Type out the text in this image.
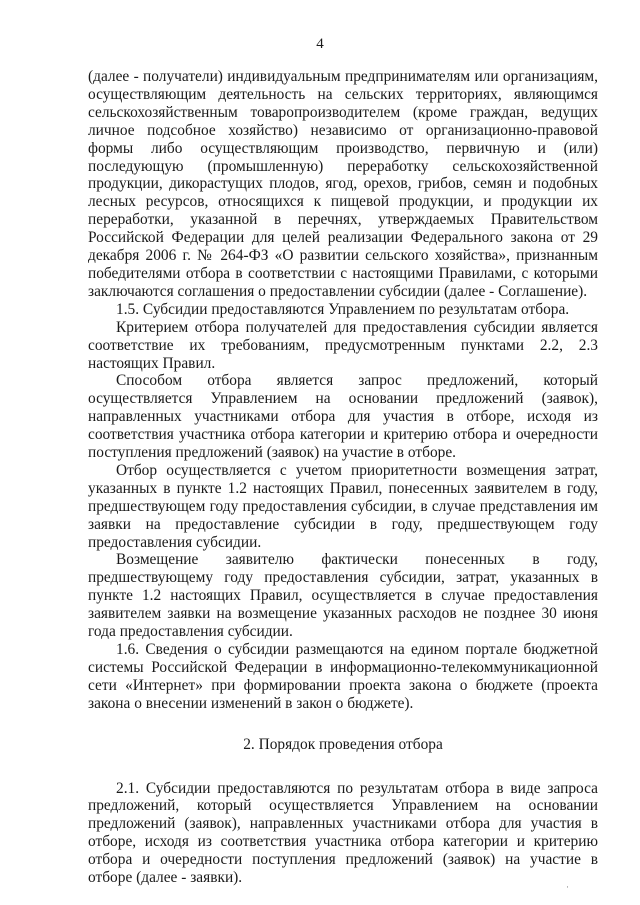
4

(далее - получатели) индивидуальным предпринимателям или организациям, осуществляющим деятельность на сельских территориях, являющимся сельскохозяйственным товаропроизводителем (кроме граждан, ведущих личное подсобное хозяйство) независимо от организационно-правовой формы либо осуществляющим производство, первичную и (или) последующую (промышленную) переработку сельскохозяйственной продукции, дикорастущих плодов, ягод, орехов, грибов, семян и подобных лесных ресурсов, относящихся к пищевой продукции, и продукции их переработки, указанной в перечнях, утверждаемых Правительством Российской Федерации для целей реализации Федерального закона от 29 декабря 2006 г. № 264-ФЗ «О развитии сельского хозяйства», признанным победителями отбора в соответствии с настоящими Правилами, с которыми заключаются соглашения о предоставлении субсидии (далее - Соглашение).

1.5. Субсидии предоставляются Управлением по результатам отбора.

Критерием отбора получателей для предоставления субсидии является соответствие их требованиям, предусмотренным пунктами 2.2, 2.3 настоящих Правил.

Способом отбора является запрос предложений, который осуществляется Управлением на основании предложений (заявок), направленных участниками отбора для участия в отборе, исходя из соответствия участника отбора категории и критерию отбора и очередности поступления предложений (заявок) на участие в отборе.

Отбор осуществляется с учетом приоритетности возмещения затрат, указанных в пункте 1.2 настоящих Правил, понесенных заявителем в году, предшествующем году предоставления субсидии, в случае представления им заявки на предоставление субсидии в году, предшествующем году предоставления субсидии.

Возмещение заявителю фактически понесенных в году, предшествующему году предоставления субсидии, затрат, указанных в пункте 1.2 настоящих Правил, осуществляется в случае предоставления заявителем заявки на возмещение указанных расходов не позднее 30 июня года предоставления субсидии.

1.6. Сведения о субсидии размещаются на едином портале бюджетной системы Российской Федерации в информационно-телекоммуникационной сети «Интернет» при формировании проекта закона о бюджете (проекта закона о внесении изменений в закон о бюджете).

2. Порядок проведения отбора

2.1. Субсидии предоставляются по результатам отбора в виде запроса предложений, который осуществляется Управлением на основании предложений (заявок), направленных участниками отбора для участия в отборе, исходя из соответствия участника отбора категории и критерию отбора и очередности поступления предложений (заявок) на участие в отборе (далее - заявки).

·
